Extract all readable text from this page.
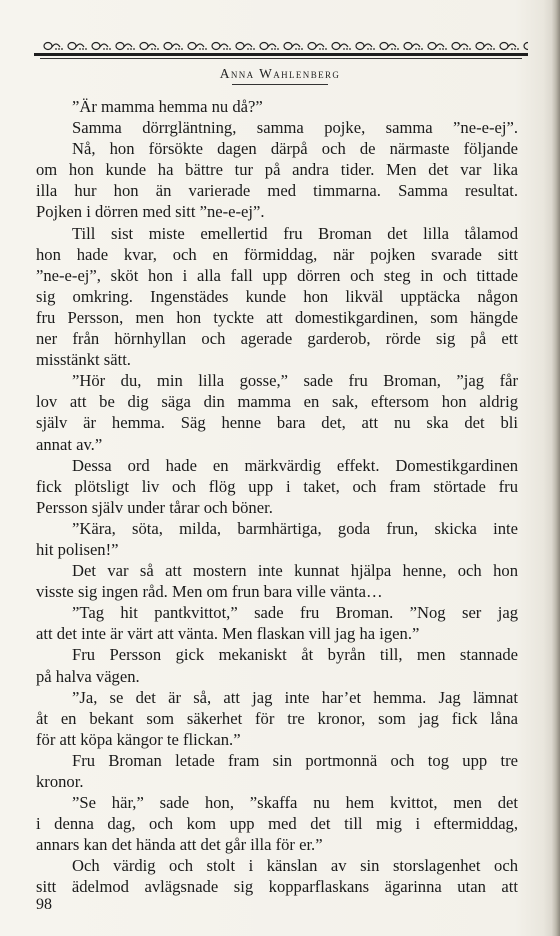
Anna Wahlenberg
”Är mamma hemma nu då?”
Samma dörrgläntning, samma pojke, samma ”ne-e-ej”.
Nå, hon försökte dagen därpå och de närmaste följande
om hon kunde ha bättre tur på andra tider. Men det var lika
illa hur hon än varierade med timmarna. Samma resultat.
Pojken i dörren med sitt ”ne-e-ej”.
Till sist miste emellertid fru Broman det lilla tålamod
hon hade kvar, och en förmiddag, när pojken svarade sitt
”ne-e-ej”, sköt hon i alla fall upp dörren och steg in och tittade
sig omkring. Ingenstädes kunde hon likväl upptäcka någon
fru Persson, men hon tyckte att domestikgardinen, som hängde
ner från hörnhyllan och agerade garderob, rörde sig på ett
misstänkt sätt.
”Hör du, min lilla gosse,” sade fru Broman, ”jag får
lov att be dig säga din mamma en sak, eftersom hon aldrig
själv är hemma. Säg henne bara det, att nu ska det bli
annat av.”
Dessa ord hade en märkvärdig effekt. Domestikgardinen
fick plötsligt liv och flög upp i taket, och fram störtade fru
Persson själv under tårar och böner.
”Kära, söta, milda, barmhärtiga, goda frun, skicka inte
hit polisen!”
Det var så att mostern inte kunnat hjälpa henne, och hon
visste sig ingen råd. Men om frun bara ville vänta…
”Tag hit pantkvittot,” sade fru Broman. ”Nog ser jag
att det inte är värt att vänta. Men flaskan vill jag ha igen.”
Fru Persson gick mekaniskt åt byrån till, men stannade
på halva vägen.
”Ja, se det är så, att jag inte har’et hemma. Jag lämnat
åt en bekant som säkerhet för tre kronor, som jag fick låna
för att köpa kängor te flickan.”
Fru Broman letade fram sin portmonnä och tog upp tre
kronor.
”Se här,” sade hon, ”skaffa nu hem kvittot, men det
i denna dag, och kom upp med det till mig i eftermiddag,
annars kan det hända att det går illa för er.”
Och värdig och stolt i känslan av sin storslagenhet och
sitt ädelmod avlägsnade sig kopparflaskans ägarinna utan att
98
